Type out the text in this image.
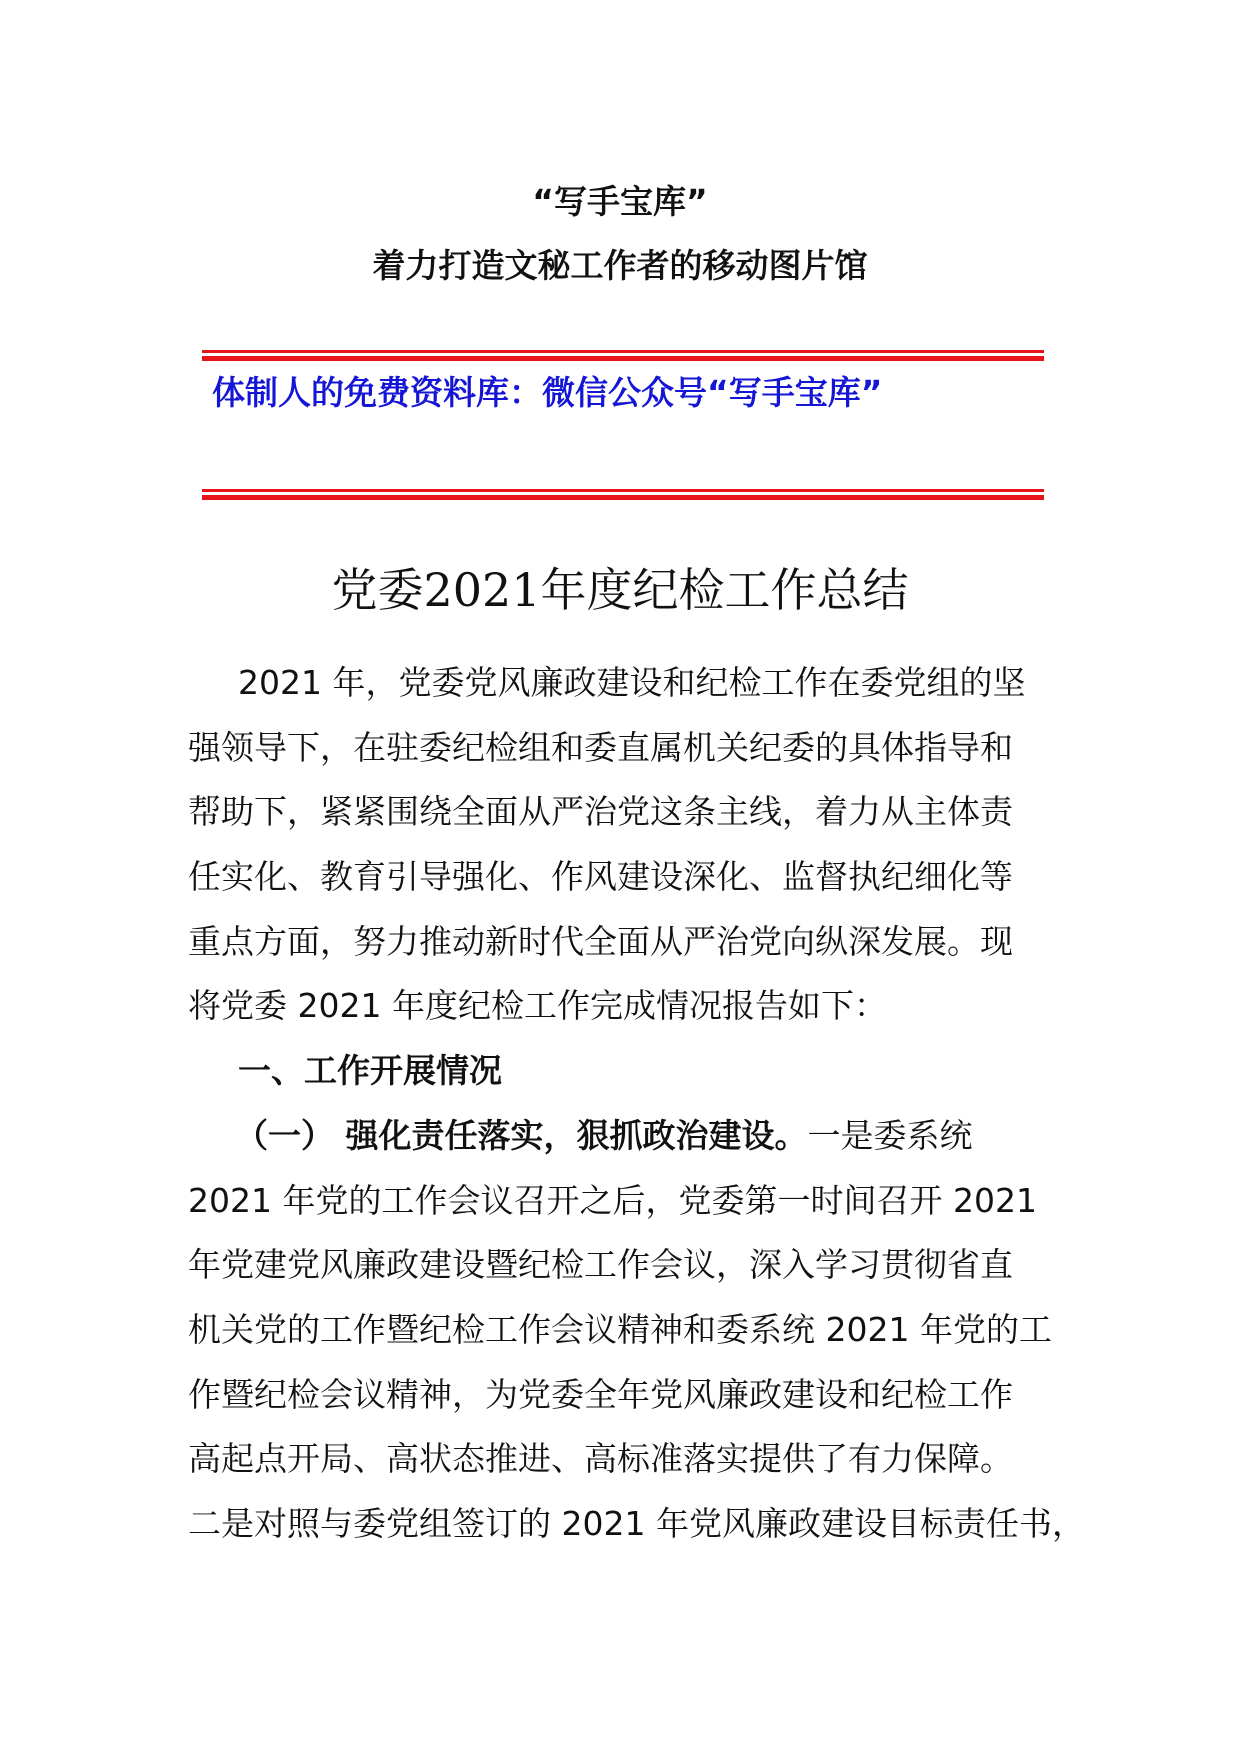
“写手宝库”
着力打造文秘工作者的移动图片馆
体制人的免费资料库：微信公众号“写手宝库”
党委2021年度纪检工作总结
2021 年，党委党风廉政建设和纪检工作在委党组的坚
强领导下，在驻委纪检组和委直属机关纪委的具体指导和
帮助下，紧紧围绕全面从严治党这条主线，着力从主体责
任实化、教育引导强化、作风建设深化、监督执纪细化等
重点方面，努力推动新时代全面从严治党向纵深发展。现
将党委 2021 年度纪检工作完成情况报告如下：
一、工作开展情况
（一） 强化责任落实，狠抓政治建设。一是委系统
2021 年党的工作会议召开之后，党委第一时间召开 2021
年党建党风廉政建设暨纪检工作会议，深入学习贯彻省直
机关党的工作暨纪检工作会议精神和委系统 2021 年党的工
作暨纪检会议精神，为党委全年党风廉政建设和纪检工作
高起点开局、高状态推进、高标准落实提供了有力保障。
二是对照与委党组签订的 2021 年党风廉政建设目标责任书，
